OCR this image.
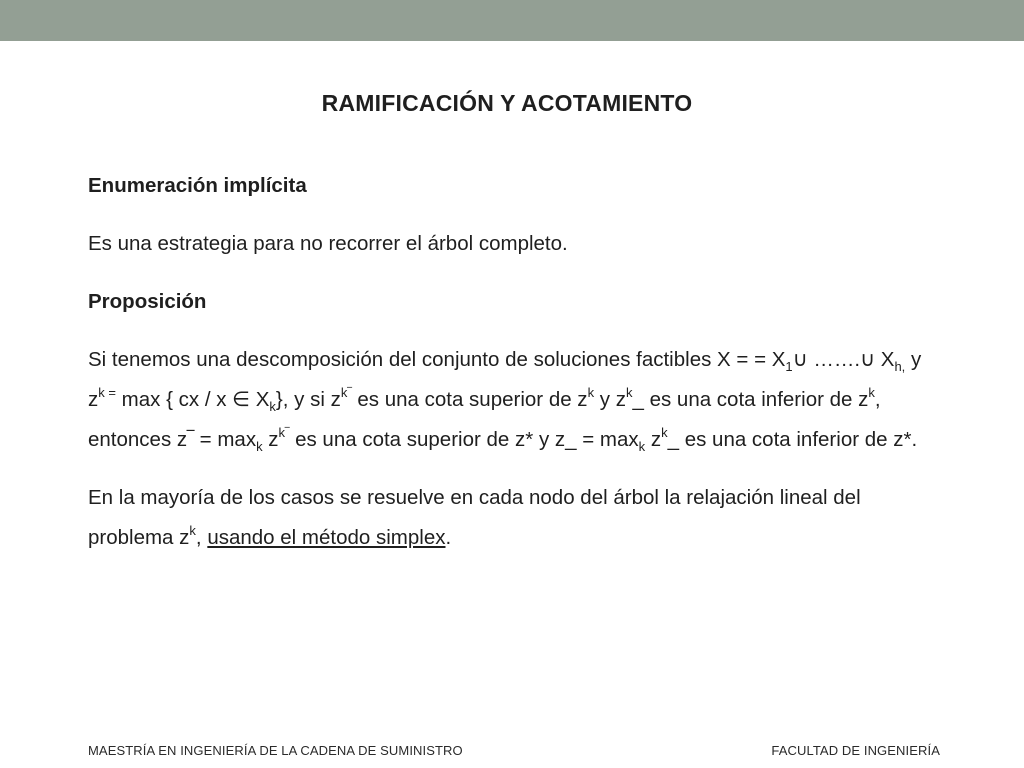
RAMIFICACIÓN Y ACOTAMIENTO

Enumeración implícita

Es una estrategia para no recorrer el árbol completo.

Proposición

Si tenemos una descomposición del conjunto de soluciones factibles X = = $X_1\cup$ …….∪ $X_{h,}$ y $z^{k =}$ max { cx / x ∈ $X_k$}, y si $z^{k‾}$ es una cota superior de $z^k$ y $z^k\_$ es una cota inferior de $z^k$, entonces z‾ = $\max_k z^{k‾}$ es una cota superior de z* y z_ = $\max_k$ $z^k\_$ es una cota inferior de z*.

En la mayoría de los casos se resuelve en cada nodo del árbol la relajación lineal del problema $z^k$, usando el método simplex.

MAESTRÍA EN INGENIERÍA DE LA CADENA DE SUMINISTRO	FACULTAD DE INGENIERÍA
